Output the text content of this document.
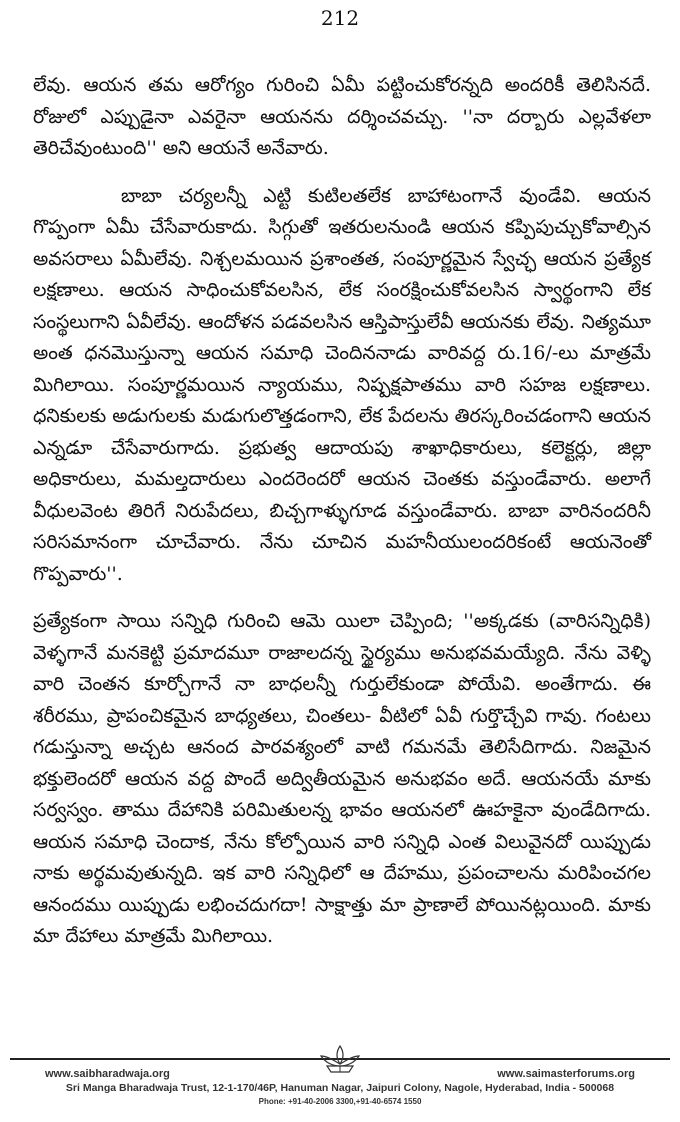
212

లేవు. ఆయన తమ ఆరోగ్యం గురించి ఏమీ పట్టించుకోరన్నది అందరికీ తెలిసినదే. రోజులో ఎప్పుడైనా ఎవరైనా ఆయనను దర్శించవచ్చు. ''నా దర్బారు ఎల్లవేళలా తెరిచేవుంటుంది'' అని ఆయనే అనేవారు.

బాబా చర్యలన్నీ ఎట్టి కుటిలతలేక బాహాటంగానే వుండేవి. ఆయన గొప్పంగా ఏమీ చేసేవారుకాదు. సిగ్గుతో ఇతరులనుండి ఆయన కప్పిపుచ్చుకోవాల్సిన అవసరాలు ఏమీలేవు. నిశ్చలమయిన ప్రశాంతత, సంపూర్ణమైన స్వేచ్ఛ ఆయన ప్రత్యేక లక్షణాలు. ఆయన సాధించుకోవలసిన, లేక సంరక్షించుకోవలసిన స్వార్థంగాని లేక సంస్థలుగాని ఏవీలేవు. ఆందోళన పడవలసిన ఆస్తిపాస్తులేవీ ఆయనకు లేవు. నిత్యమూ అంత ధనమొస్తున్నా ఆయన సమాధి చెందిననాడు వారివద్ద రు.16/-లు మాత్రమే మిగిలాయి. సంపూర్ణమయిన న్యాయము, నిష్పక్షపాతము వారి సహజ లక్షణాలు. ధనికులకు అడుగులకు మడుగులొత్తడంగాని, లేక పేదలను తిరస్కరించడంగాని ఆయన ఎన్నడూ చేసేవారుగాదు. ప్రభుత్వ ఆదాయపు శాఖాధికారులు, కలెక్టర్లు, జిల్లా అధికారులు, మమల్తదారులు ఎందరెందరో ఆయన చెంతకు వస్తుండేవారు. అలాగే వీధులవెంట తిరిగే నిరుపేదలు, బిచ్చగాళ్ళుగూడ వస్తుండేవారు. బాబా వారినందరినీ సరిసమానంగా చూచేవారు. నేను చూచిన మహనీయులందరికంటే ఆయనెంతో గొప్పవారు''.

ప్రత్యేకంగా సాయి సన్నిధి గురించి ఆమె యిలా చెప్పింది; ''అక్కడకు (వారిసన్నిధికి) వెళ్ళగానే మనకెట్టి ప్రమాదమూ రాజాలదన్న స్థైర్యము అనుభవమయ్యేది. నేను వెళ్ళి వారి చెంతన కూర్చోగానే నా బాధలన్నీ గుర్తులేకుండా పోయేవి. అంతేగాదు. ఈ శరీరము, ప్రాపంచికమైన బాధ్యతలు, చింతలు- వీటిలో ఏవీ గుర్తొచ్చేవి గావు. గంటలు గడుస్తున్నా అచ్చట ఆనంద పారవశ్యంలో వాటి గమనమే తెలిసేదిగాదు. నిజమైన భక్తులెందరో ఆయన వద్ద పొందే అద్వితీయమైన అనుభవం అదే. ఆయనయే మాకు సర్వస్వం. తాము దేహానికి పరిమితులన్న భావం ఆయనలో ఊహకైనా వుండేదిగాదు. ఆయన సమాధి చెందాక, నేను కోల్పోయిన వారి సన్నిధి ఎంత విలువైనదో యిప్పుడు నాకు అర్థమవుతున్నది. ఇక వారి సన్నిధిలో ఆ దేహము, ప్రపంచాలను మరిపించగల ఆనందము యిప్పుడు లభించదుగదా! సాక్షాత్తు మా ప్రాణాలే పోయినట్లయింది. మాకు మా దేహాలు మాత్రమే మిగిలాయి.

www.saibharadwaja.org	www.saimasterforums.org
Sri Manga Bharadwaja Trust, 12-1-170/46P, Hanuman Nagar, Jaipuri Colony, Nagole, Hyderabad, India - 500068
Phone: +91-40-2006 3300,+91-40-6574 1550
